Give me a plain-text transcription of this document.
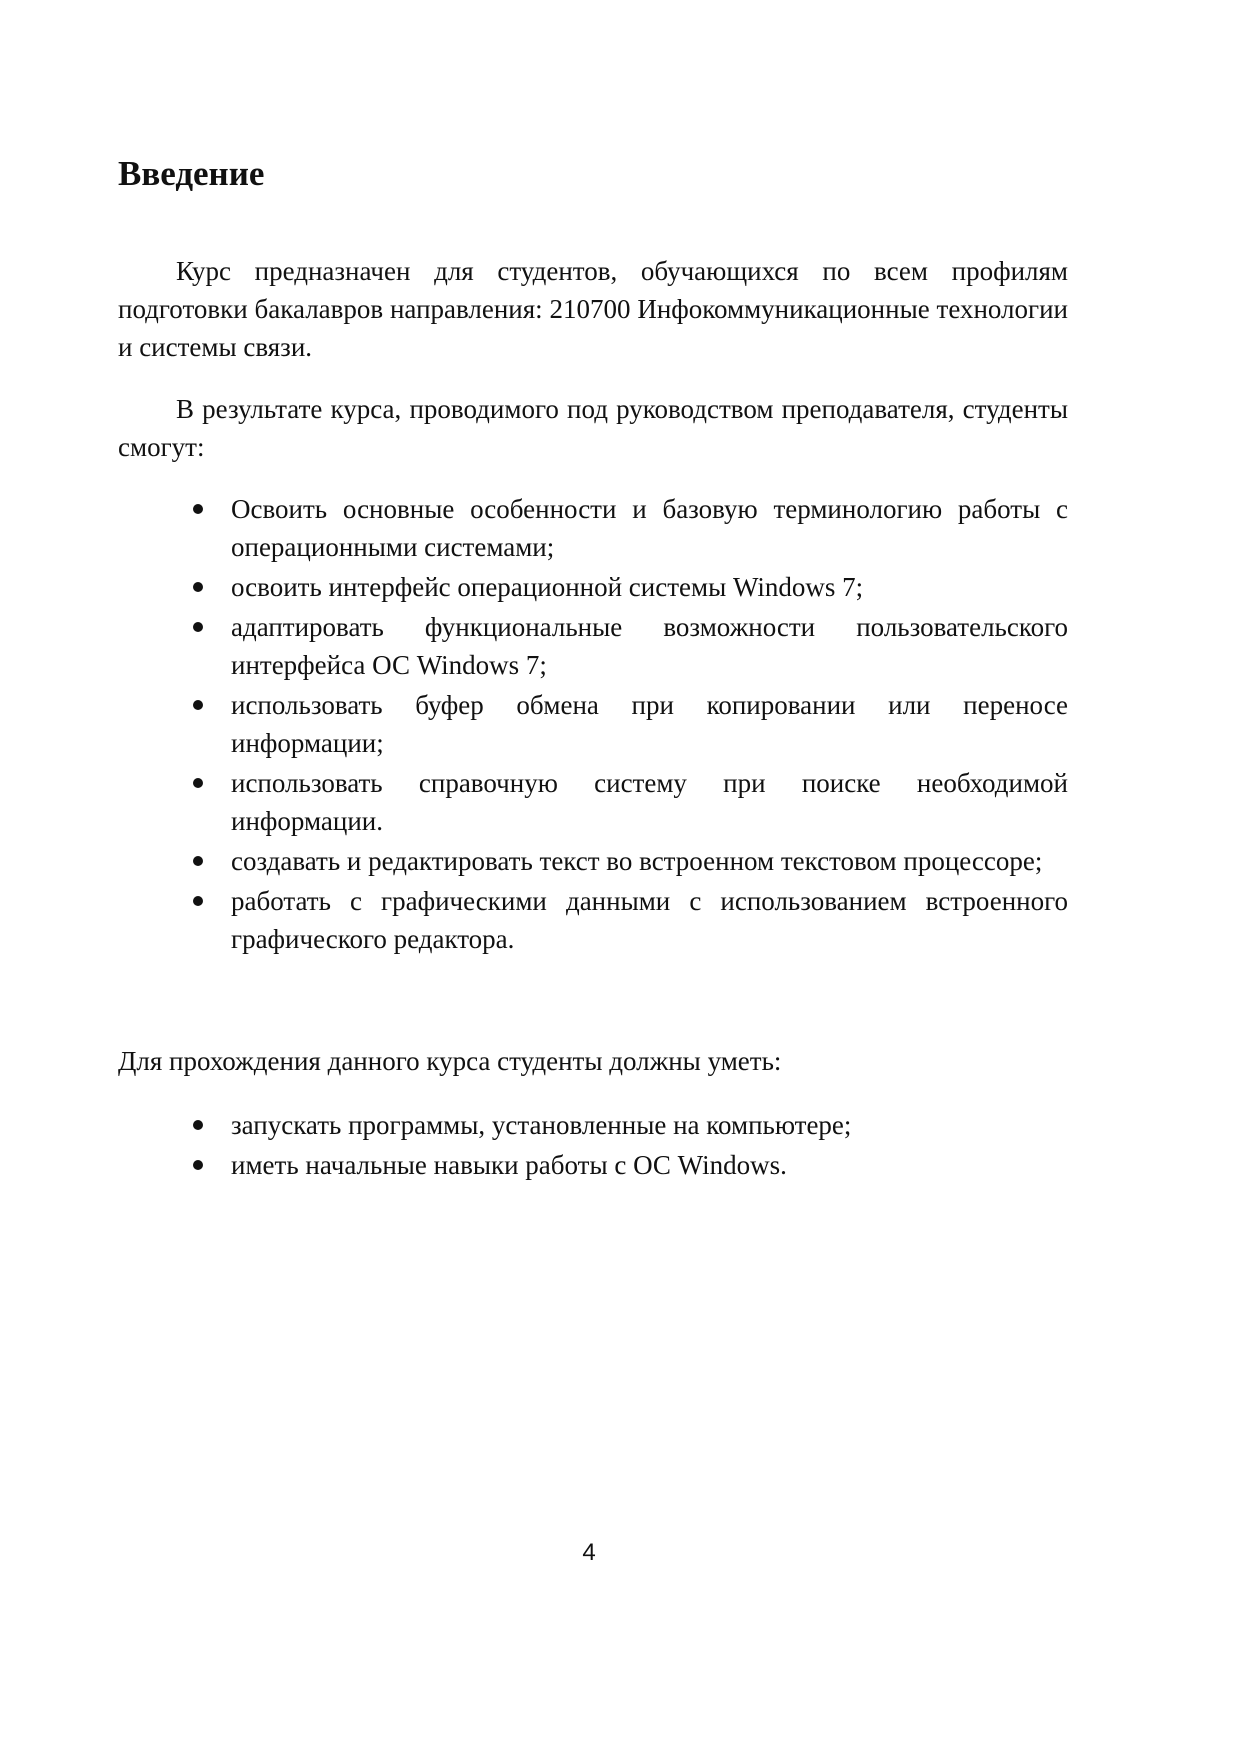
Введение

Курс предназначен для студентов, обучающихся по всем профилям подготовки бакалавров направления: 210700 Инфокоммуникационные технологии и системы связи.

В результате курса, проводимого под руководством преподавателя, студенты смогут:

Освоить основные особенности и базовую терминологию работы с операционными системами;
освоить интерфейс операционной системы Windows 7;
адаптировать функциональные возможности пользовательского интерфейса ОС Windows 7;
использовать буфер обмена при копировании или переносе информации;
использовать справочную систему при поиске необходимой информации.
создавать и редактировать текст во встроенном текстовом процессоре;
работать с графическими данными с использованием встроенного графического редактора.

Для прохождения данного курса студенты должны уметь:

запускать программы, установленные на компьютере;
иметь начальные навыки работы с ОС Windows.
4
